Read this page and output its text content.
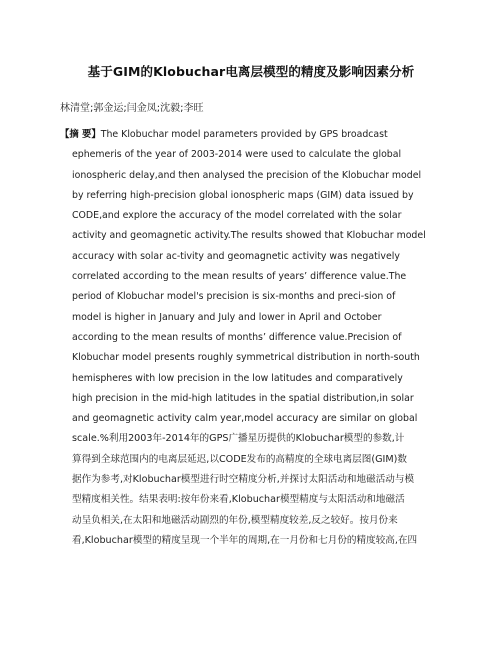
基于GIM的Klobuchar电离层模型的精度及影响因素分析
林清堂;郭金运;闫金凤;沈毅;李旺
【摘 要】The Klobuchar model parameters provided by GPS broadcast
ephemeris of the year of 2003-2014 were used to calculate the global
ionospheric delay,and then analysed the precision of the Klobuchar model
by referring high-precision global ionospheric maps (GIM) data issued by
CODE,and explore the accuracy of the model correlated with the solar
activity and geomagnetic activity.The results showed that Klobuchar model
accuracy with solar ac-tivity and geomagnetic activity was negatively
correlated according to the mean results of years’ difference value.The
period of Klobuchar model's precision is six-months and preci-sion of
model is higher in January and July and lower in April and October
according to the mean results of months’ difference value.Precision of
Klobuchar model presents roughly symmetrical distribution in north-south
hemispheres with low precision in the low latitudes and comparatively
high precision in the mid-high latitudes in the spatial distribution,in solar
and geomagnetic activity calm year,model accuracy are similar on global
scale.%利用2003年-2014年的GPS广播星历提供的Klobuchar模型的参数,计
算得到全球范围内的电离层延迟,以CODE发布的高精度的全球电离层图(GIM)数
据作为参考,对Klobuchar模型进行时空精度分析,并探讨太阳活动和地磁活动与模
型精度相关性。结果表明:按年份来看,Klobuchar模型精度与太阳活动和地磁活
动呈负相关,在太阳和地磁活动剧烈的年份,模型精度较差,反之较好。按月份来
看,Klobuchar模型的精度呈现一个半年的周期,在一月份和七月份的精度较高,在四
